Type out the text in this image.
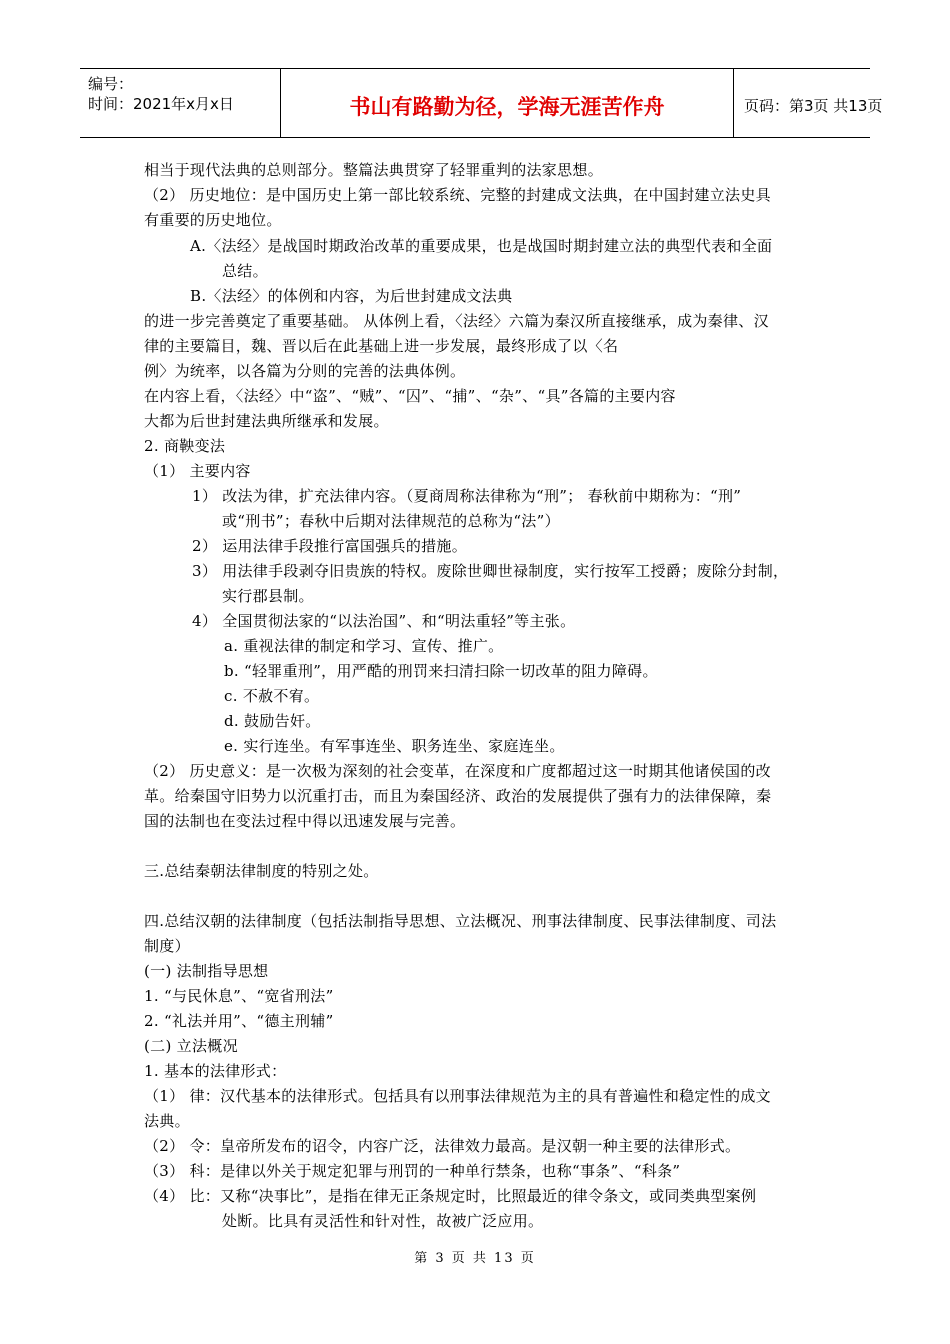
编号：
时间：2021年x月x日	书山有路勤为径，学海无涯苦作舟	页码：第3页 共13页
相当于现代法典的总则部分。整篇法典贯穿了轻罪重判的法家思想。
（2） 历史地位：是中国历史上第一部比较系统、完整的封建成文法典，在中国封建立法史具
有重要的历史地位。
A.〈法经〉是战国时期政治改革的重要成果，也是战国时期封建立法的典型代表和全面
总结。
B.〈法经〉的体例和内容，为后世封建成文法典
的进一步完善奠定了重要基础。 从体例上看，〈法经〉六篇为秦汉所直接继承，成为秦律、汉
律的主要篇目，魏、晋以后在此基础上进一步发展，最终形成了以〈名
例〉为统率，以各篇为分则的完善的法典体例。
在内容上看，〈法经〉中“盗”、“贼”、“囚”、“捕”、“杂”、“具”各篇的主要内容
大都为后世封建法典所继承和发展。
2. 商鞅变法
（1） 主要内容
1） 改法为律，扩充法律内容。（夏商周称法律称为“刑”； 春秋前中期称为：“刑”
或“刑书”；春秋中后期对法律规范的总称为“法”）
2） 运用法律手段推行富国强兵的措施。
3） 用法律手段剥夺旧贵族的特权。废除世卿世禄制度，实行按军工授爵；废除分封制，
实行郡县制。
4） 全国贯彻法家的“以法治国”、和“明法重轻”等主张。
a. 重视法律的制定和学习、宣传、推广。
b. “轻罪重刑”，用严酷的刑罚来扫清扫除一切改革的阻力障碍。
c. 不赦不宥。
d. 鼓励告奸。
e. 实行连坐。有军事连坐、职务连坐、家庭连坐。
（2） 历史意义：是一次极为深刻的社会变革，在深度和广度都超过这一时期其他诸侯国的改
革。给秦国守旧势力以沉重打击，而且为秦国经济、政治的发展提供了强有力的法律保障，秦
国的法制也在变法过程中得以迅速发展与完善。
三.总结秦朝法律制度的特别之处。
四.总结汉朝的法律制度（包括法制指导思想、立法概况、刑事法律制度、民事法律制度、司法
制度）
(一) 法制指导思想
1. “与民休息”、“宽省刑法”
2. “礼法并用”、“德主刑辅”
(二) 立法概况
1. 基本的法律形式：
（1） 律：汉代基本的法律形式。包括具有以刑事法律规范为主的具有普遍性和稳定性的成文
法典。
（2） 令：皇帝所发布的诏令，内容广泛，法律效力最高。是汉朝一种主要的法律形式。
（3） 科：是律以外关于规定犯罪与刑罚的一种单行禁条，也称“事条”、“科条”
（4） 比：又称“决事比”，是指在律无正条规定时，比照最近的律令条文，或同类典型案例
处断。比具有灵活性和针对性，故被广泛应用。
第 3 页 共 13 页
